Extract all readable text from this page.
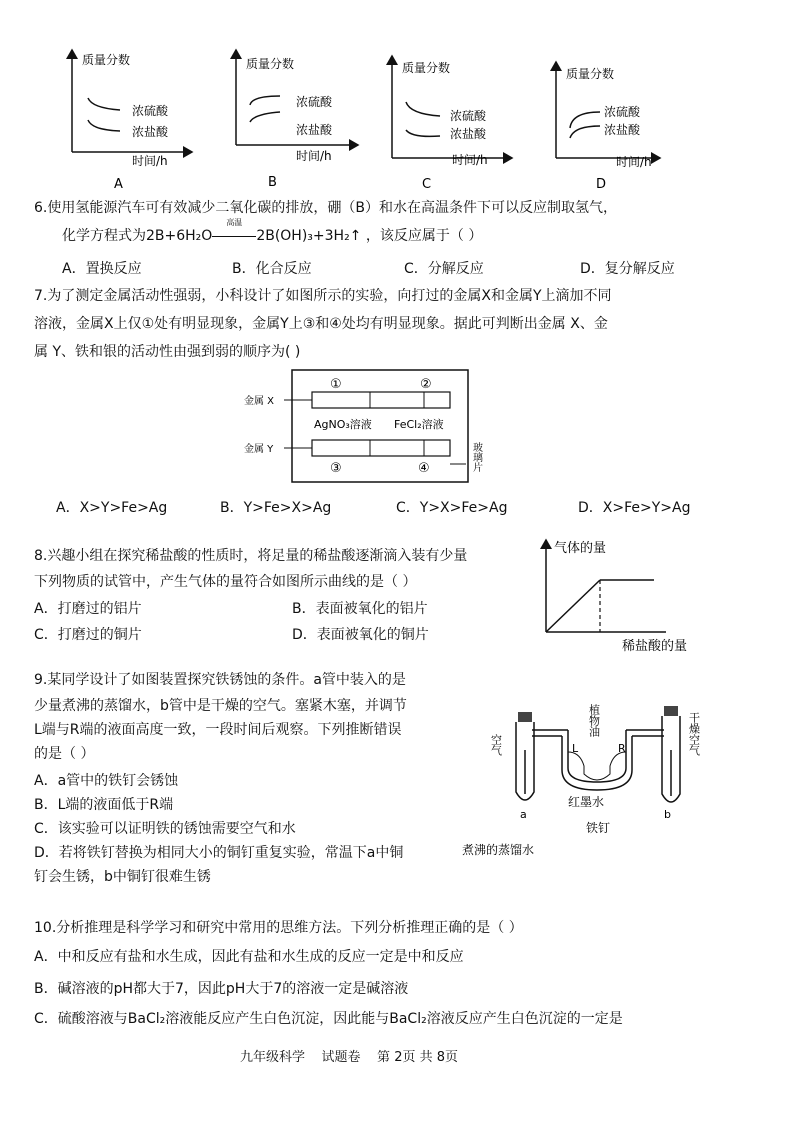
质量分数
浓硫酸
浓盐酸
时间/h
A
质量分数
浓硫酸
浓盐酸
时间/h
B
质量分数
浓硫酸
浓盐酸
时间/h
C
质量分数
浓硫酸
浓盐酸
时间/h
D
6.使用氢能源汽车可有效减少二氧化碳的排放，硼（B）和水在高温条件下可以反应制取氢气，
化学方程式为2B+6H₂O
高温
2B(OH)₃+3H₂↑ ，该反应属于（ ）
A．置换反应	B．化合反应	C．分解反应	D．复分解反应
7.为了测定金属活动性强弱，小科设计了如图所示的实验，向打过的金属X和金属Y上滴加不同
溶液，金属X上仅①处有明显现象，金属Y上③和④处均有明显现象。据此可判断出金属 X、金
属 Y、铁和银的活动性由强到弱的顺序为( )
金属 X
金属 Y
①	②
AgNO₃溶液 FeCl₂溶液
③	④	玻璃片
A．X>Y>Fe>Ag	B．Y>Fe>X>Ag	C．Y>X>Fe>Ag	D．X>Fe>Y>Ag
8.兴趣小组在探究稀盐酸的性质时，将足量的稀盐酸逐渐滴入装有少量
下列物质的试管中，产生气体的量符合如图所示曲线的是（ ）
A．打磨过的铝片	B．表面被氧化的铝片
C．打磨过的铜片	D．表面被氧化的铜片
气体的量
稀盐酸的量
9.某同学设计了如图装置探究铁锈蚀的条件。a管中装入的是
少量煮沸的蒸馏水，b管中是干燥的空气。塞紧木塞，并调节
L端与R端的液面高度一致，一段时间后观察。下列推断错误
的是（ ）
A．a管中的铁钉会锈蚀
B．L端的液面低于R端
C．该实验可以证明铁的锈蚀需要空气和水
D．若将铁钉替换为相同大小的铜钉重复实验，常温下a中铜
钉会生锈，b中铜钉很难生锈
空气	干燥空气
植物油
L	R
红墨水
铁钉
a	b
煮沸的蒸馏水
10.分析推理是科学学习和研究中常用的思维方法。下列分析推理正确的是（ ）
A．中和反应有盐和水生成，因此有盐和水生成的反应一定是中和反应
B．碱溶液的pH都大于7，因此pH大于7的溶液一定是碱溶液
C．硫酸溶液与BaCl₂溶液能反应产生白色沉淀，因此能与BaCl₂溶液反应产生白色沉淀的一定是
九年级科学    试题卷    第 2页 共 8页
